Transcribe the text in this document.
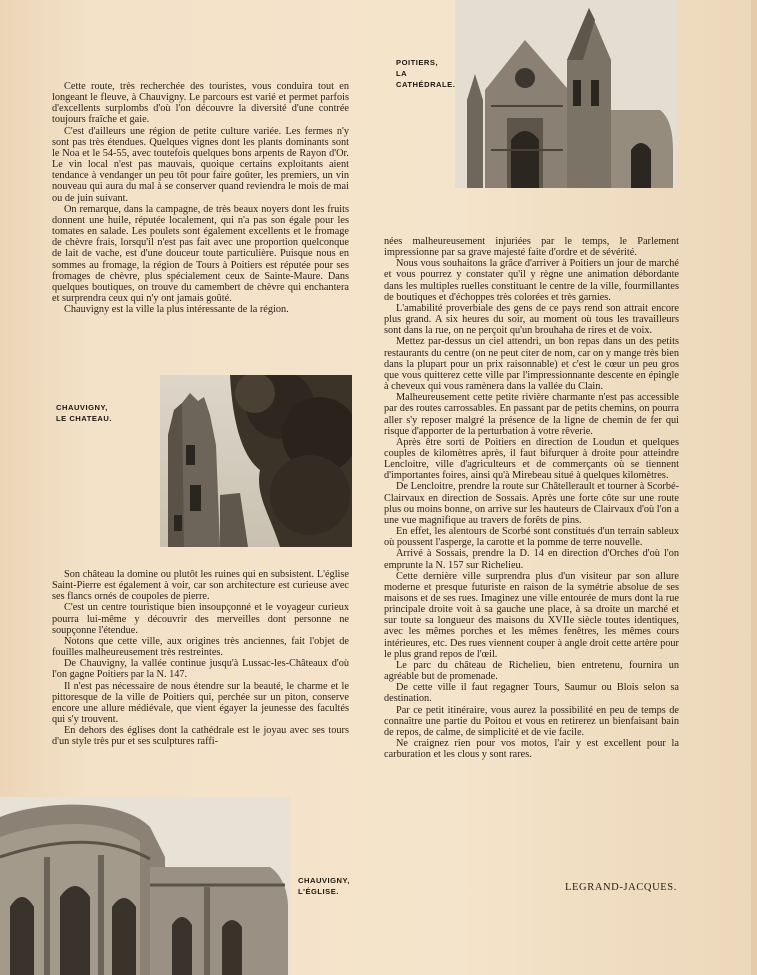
Cette route, très recherchée des touristes, vous conduira tout en longeant le fleuve, à Chauvigny. Le parcours est varié et permet parfois d'excellents surplombs d'où l'on découvre la diversité d'une contrée toujours fraîche et gaie.

C'est d'ailleurs une région de petite culture variée. Les fermes n'y sont pas très étendues. Quelques vignes dont les plants dominants sont le Noa et le 54-55, avec toutefois quelques bons arpents de Rayon d'Or. Le vin local n'est pas mauvais, quoique certains exploitants aient tendance à vendanger un peu tôt pour faire goûter, les premiers, un vin nouveau qui aura du mal à se conserver quand reviendra le mois de mai ou de juin suivant.

On remarque, dans la campagne, de très beaux noyers dont les fruits donnent une huile, réputée localement, qui n'a pas son égale pour les tomates en salade. Les poulets sont également excellents et le fromage de chèvre frais, lorsqu'il n'est pas fait avec une proportion quelconque de lait de vache, est d'une douceur toute particulière. Puisque nous en sommes au fromage, la région de Tours à Poitiers est réputée pour ses fromages de chèvre, plus spécialement ceux de Sainte-Maure. Dans quelques boutiques, on trouve du camembert de chèvre qui enchantera et surprendra ceux qui n'y ont jamais goûté.

Chauvigny est la ville la plus intéressante de la région.

CHAUVIGNY,
LE CHATEAU.

Son château la domine ou plutôt les ruines qui en subsistent. L'église Saint-Pierre est également à voir, car son architecture est curieuse avec ses flancs ornés de coupoles de pierre.

C'est un centre touristique bien insoupçonné et le voyageur curieux pourra lui-même y découvrir des merveilles dont personne ne soupçonne l'étendue.

Notons que cette ville, aux origines très anciennes, fait l'objet de fouilles malheureusement très restreintes.

De Chauvigny, la vallée continue jusqu'à Lussac-les-Châteaux d'où l'on gagne Poitiers par la N. 147.

Il n'est pas nécessaire de nous étendre sur la beauté, le charme et le pittoresque de la ville de Poitiers qui, perchée sur un piton, conserve encore une allure médiévale, que vient égayer la jeunesse des facultés qui s'y trouvent.

En dehors des églises dont la cathédrale est le joyau avec ses tours d'un style très pur et ses sculptures raffi-

CHAUVIGNY,
L'ÉGLISE.
POITIERS,
LA
CATHÉDRALE.

nées malheureusement injuriées par le temps, le Parlement impressionne par sa grave majesté faite d'ordre et de sévérité.

Nous vous souhaitons la grâce d'arriver à Poitiers un jour de marché et vous pourrez y constater qu'il y règne une animation débordante dans les multiples ruelles constituant le centre de la ville, fourmillantes de boutiques et d'échoppes très colorées et très garnies.

L'amabilité proverbiale des gens de ce pays rend son attrait encore plus grand. A six heures du soir, au moment où tous les travailleurs sont dans la rue, on ne perçoit qu'un brouhaha de rires et de voix.

Mettez par-dessus un ciel attendri, un bon repas dans un des petits restaurants du centre (on ne peut citer de nom, car on y mange très bien dans la plupart pour un prix raisonnable) et c'est le cœur un peu gros que vous quitterez cette ville par l'impressionnante descente en épingle à cheveux qui vous ramènera dans la vallée du Clain.

Malheureusement cette petite rivière charmante n'est pas accessible par des routes carrossables. En passant par de petits chemins, on pourra aller s'y reposer malgré la présence de la ligne de chemin de fer qui risque d'apporter de la perturbation à votre rêverie.

Après être sorti de Poitiers en direction de Loudun et quelques couples de kilomètres après, il faut bifurquer à droite pour atteindre Lencloitre, ville d'agriculteurs et de commerçants où se tiennent d'importantes foires, ainsi qu'à Mirebeau situé à quelques kilomètres.

De Lencloitre, prendre la route sur Châtellerault et tourner à Scorbé-Clairvaux en direction de Sossais. Après une forte côte sur une route plus ou moins bonne, on arrive sur les hauteurs de Clairvaux d'où l'on a une vue magnifique au travers de forêts de pins.

En effet, les alentours de Scorbé sont constitués d'un terrain sableux où poussent l'asperge, la carotte et la pomme de terre nouvelle.

Arrivé à Sossais, prendre la D. 14 en direction d'Orches d'où l'on emprunte la N. 157 sur Richelieu.

Cette dernière ville surprendra plus d'un visiteur par son allure moderne et presque futuriste en raison de la symétrie absolue de ses maisons et de ses rues. Imaginez une ville entourée de murs dont la rue principale droite voit à sa gauche une place, à sa droite un marché et sur toute sa longueur des maisons du XVIIe siècle toutes identiques, avec les mêmes porches et les mêmes fenêtres, les mêmes cours intérieures, etc. Des rues viennent couper à angle droit cette artère pour le plus grand repos de l'œil.

Le parc du château de Richelieu, bien entretenu, fournira un agréable but de promenade.

De cette ville il faut regagner Tours, Saumur ou Blois selon sa destination.

Par ce petit itinéraire, vous aurez la possibilité en peu de temps de connaître une partie du Poitou et vous en retirerez un bienfaisant bain de repos, de calme, de simplicité et de vie facile.

Ne craignez rien pour vos motos, l'air y est excellent pour la carburation et les clous y sont rares.

LEGRAND-JACQUES.
